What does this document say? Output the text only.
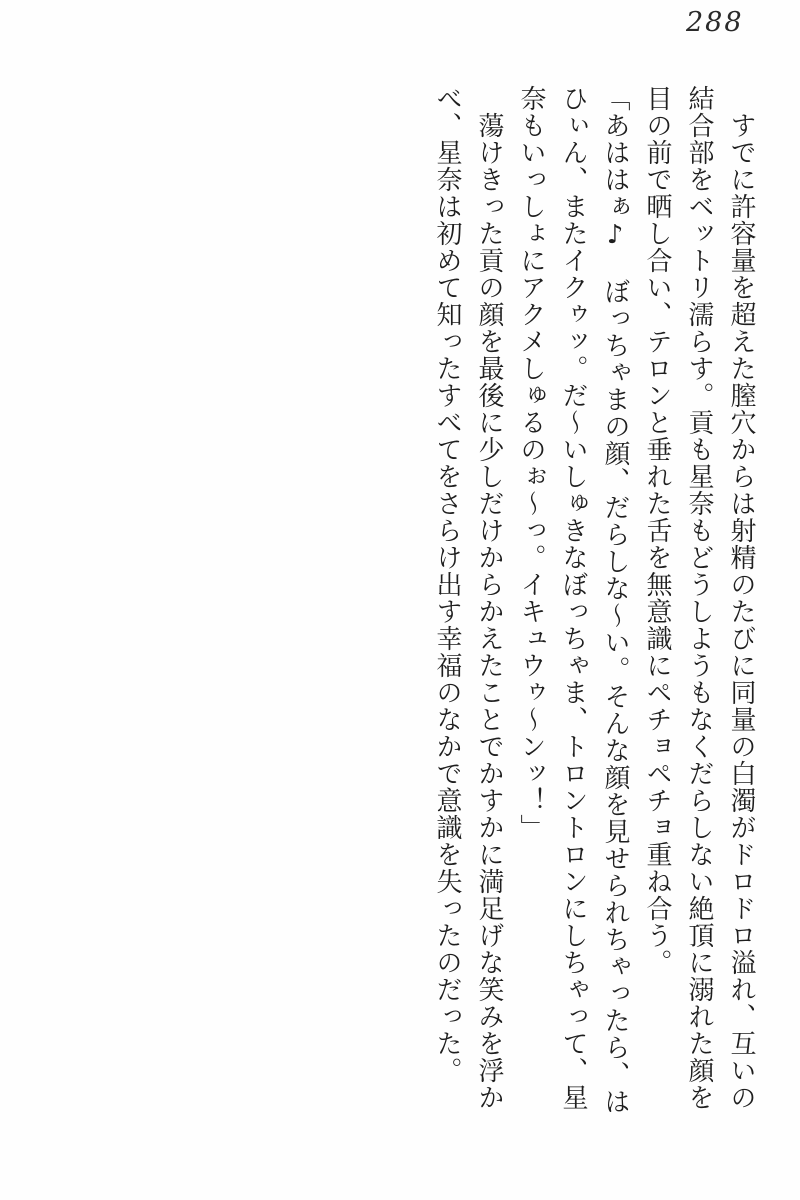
288
　すでに許容量を超えた膣穴からは射精のたびに同量の白濁がドロドロ溢れ、互いの
結合部をベットリ濡らす。貢も星奈もどうしようもなくだらしない絶頂に溺れた顔を
目の前で晒し合い、テロンと垂れた舌を無意識にペチョペチョ重ね合う。
「あははぁ♪　ぼっちゃまの顔、だらしな〜い。そんな顔を見せられちゃったら、は
ひぃん、またイクゥッ。だ〜いしゅきなぼっちゃま、トロントロンにしちゃって、星
奈もいっしょにアクメしゅるのぉ〜っ。イキュウゥ〜ンッ！」
　蕩けきった貢の顔を最後に少しだけからかえたことでかすかに満足げな笑みを浮か
べ、星奈は初めて知ったすべてをさらけ出す幸福のなかで意識を失ったのだった。
